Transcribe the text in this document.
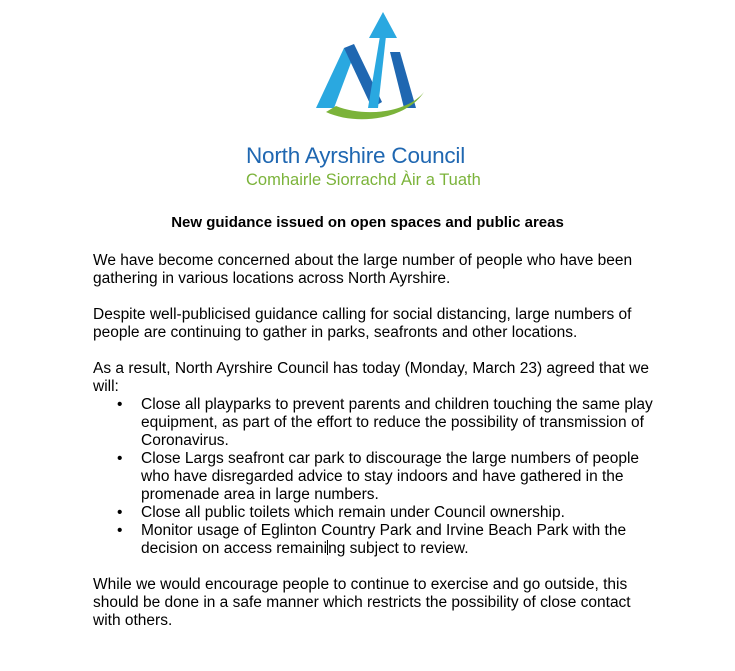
North Ayrshire Council
Comhairle Siorrachd Àir a Tuath
New guidance issued on open spaces and public areas

We have become concerned about the large number of people who have been gathering in various locations across North Ayrshire.

Despite well-publicised guidance calling for social distancing, large numbers of people are continuing to gather in parks, seafronts and other locations.

As a result, North Ayrshire Council has today (Monday, March 23) agreed that we will:

• Close all playparks to prevent parents and children touching the same play equipment, as part of the effort to reduce the possibility of transmission of Coronavirus.
• Close Largs seafront car park to discourage the large numbers of people who have disregarded advice to stay indoors and have gathered in the promenade area in large numbers.
• Close all public toilets which remain under Council ownership.
• Monitor usage of Eglinton Country Park and Irvine Beach Park with the decision on access remaining subject to review.

While we would encourage people to continue to exercise and go outside, this should be done in a safe manner which restricts the possibility of close contact with others.
